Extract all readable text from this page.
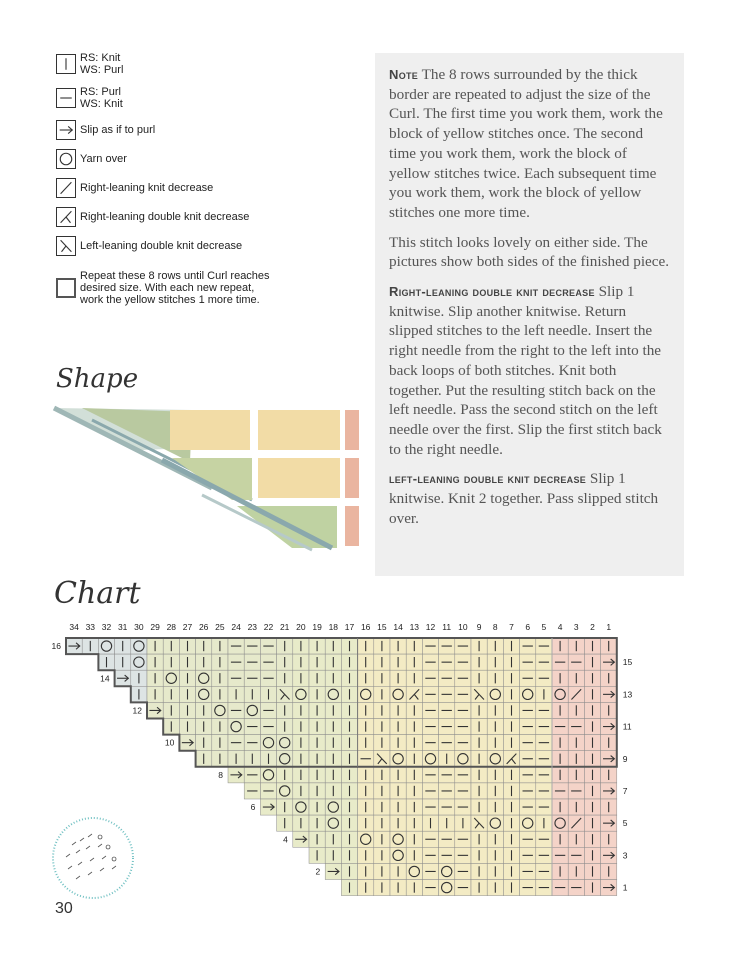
RS: Knit
WS: Purl
RS: Purl
WS: Knit
Slip as if to purl
Yarn over
Right-leaning knit decrease
Right-leaning double knit decrease
Left-leaning double knit decrease
Repeat these 8 rows until Curl reaches
desired size. With each new repeat,
work the yellow stitches 1 more time.

Note The 8 rows surrounded by the thick border are repeated to adjust the size of the Curl. The first time you work them, work the block of yellow stitches once. The second time you work them, work the block of yellow stitches twice. Each subsequent time you work them, work the block of yellow stitches one more time.

This stitch looks lovely on either side. The pictures show both sides of the finished piece.

Right-leaning double knit decrease Slip 1 knitwise. Slip another knitwise. Return slipped stitches to the left needle. Insert the right needle from the right to the left into the back loops of both stitches. Knit both together. Put the resulting stitch back on the left needle. Pass the second stitch on the left needle over the first. Slip the first stitch back to the right needle.

left-leaning double knit decrease Slip 1 knitwise. Knit 2 together. Pass slipped stitch over.

Shape
Chart
34 33 32 31 30 29 28 27 26 25 24 23 22 21 20 19 18 17 16 15 14 13 12 11 10 9 8 7 6 5 4 3 2 1
15
13
11
9
7
5
3
1
16
14
12
10
8
6
4
2
30
